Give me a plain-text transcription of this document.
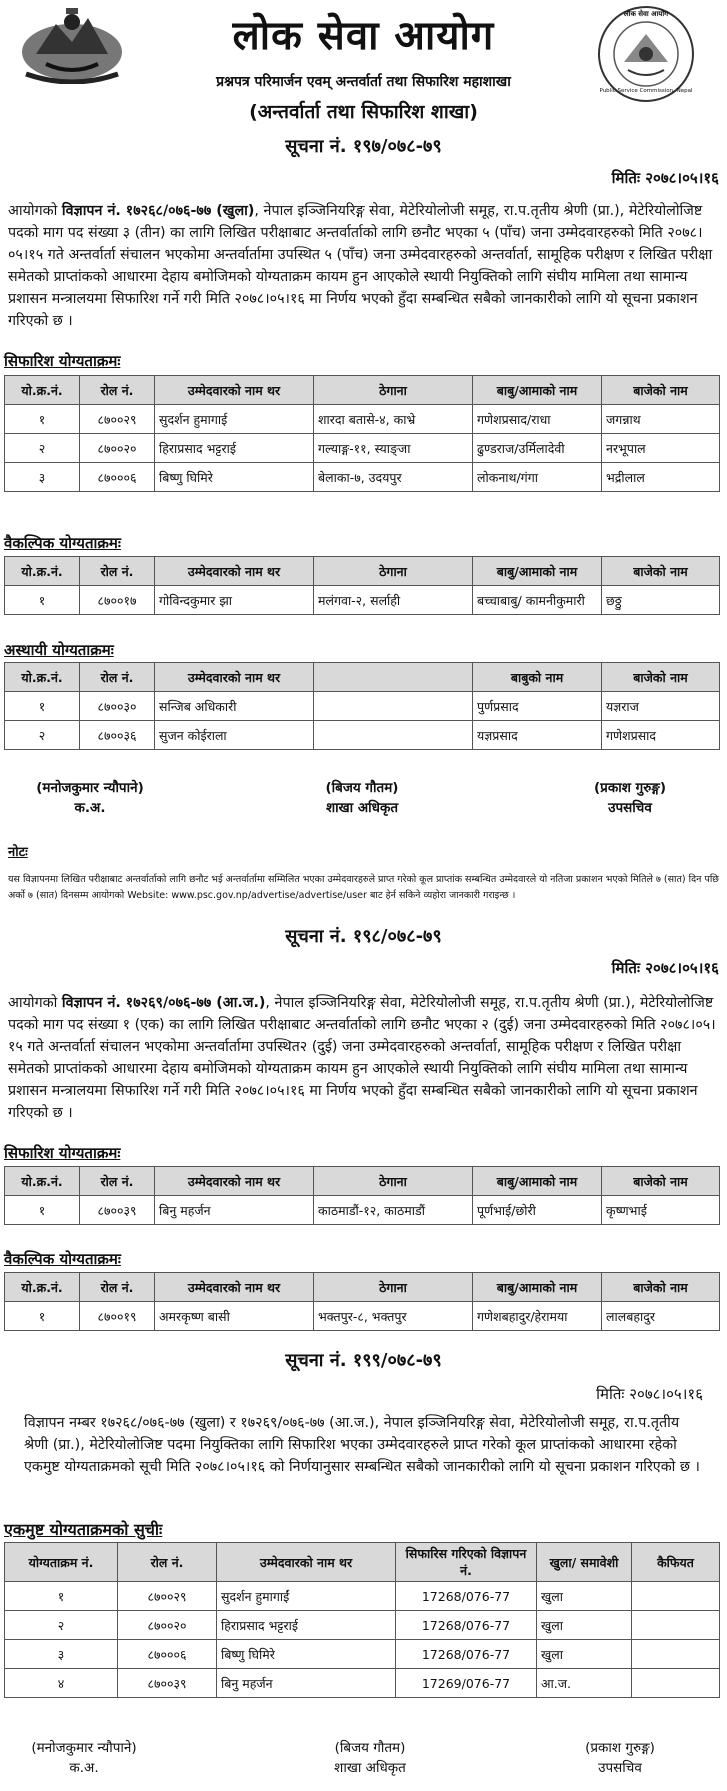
लोक सेवा आयोग
Public Service Commission, Nepal
लोक सेवा आयोग
प्रश्नपत्र परिमार्जन एवम् अन्तर्वार्ता तथा सिफारिश महाशाखा
(अन्तर्वार्ता तथा सिफारिश शाखा)
सूचना नं. १९७/०७८-७९
मितिः २०७८।०५।१६
आयोगको विज्ञापन नं. १७२६८/०७६-७७ (खुला), नेपाल इञ्जिनियरिङ्ग सेवा, मेटेरियोलोजी समूह, रा.प.तृतीय श्रेणी (प्रा.), मेटेरियोलोजिष्ट पदको माग पद संख्या ३ (तीन) का लागि लिखित परीक्षाबाट अन्तर्वार्ताको लागि छनौट भएका ५ (पाँच) जना उम्मेदवारहरुको मिति २०७८।०५।१५ गते अन्तर्वार्ता संचालन भएकोमा अन्तर्वार्तामा उपस्थित ५ (पाँच) जना उम्मेदवारहरुको अन्तर्वार्ता, सामूहिक परीक्षण र लिखित परीक्षा समेतको प्राप्तांकको आधारमा देहाय बमोजिमको योग्यताक्रम कायम हुन आएकोले स्थायी नियुक्तिको लागि संघीय मामिला तथा सामान्य प्रशासन मन्त्रालयमा सिफारिश गर्ने गरी मिति २०७८।०५।१६ मा निर्णय भएको हुँदा सम्बन्धित सबैको जानकारीको लागि यो सूचना प्रकाशन गरिएको छ ।
सिफारिश योग्यताक्रमः
यो.क्र.नं.	रोल नं.	उम्मेदवारको नाम थर	ठेगाना	बाबु/आमाको नाम	बाजेको नाम
१	८७००२९	सुदर्शन हुमागाई	शारदा बतासे-४, काभ्रे	गणेशप्रसाद/राधा	जगन्नाथ
२	८७००२०	हिराप्रसाद भट्टराई	गल्याङ्ग-११, स्याङ्जा	ढुण्डराज/उर्मिलादेवी	नरभूपाल
३	८७०००६	बिष्णु घिमिरे	बेलाका-७, उदयपुर	लोकनाथ/गंगा	भद्रीलाल
वैकल्पिक योग्यताक्रमः
यो.क्र.नं.	रोल नं.	उम्मेदवारको नाम थर	ठेगाना	बाबु/आमाको नाम	बाजेको नाम
१	८७००१७	गोविन्दकुमार झा	मलंगवा-२, सर्लाही	बच्चाबाबु/ कामनीकुमारी	छठ्ठु
अस्थायी योग्यताक्रमः
यो.क्र.नं.	रोल नं.	उम्मेदवारको नाम थर		बाबुको नाम	बाजेको नाम
१	८७००३०	सन्जिब अधिकारी		पुर्णप्रसाद	यज्ञराज
२	८७००३६	सुजन कोईराला		यज्ञप्रसाद	गणेशप्रसाद
(मनोजकुमार न्यौपाने)
क.अ.
(बिजय गौतम)
शाखा अधिकृत
(प्रकाश गुरुङ्ग)
उपसचिव
नोटः
यस विज्ञापनमा लिखित परीक्षाबाट अन्तर्वार्ताको लागि छनौट भई अन्तर्वार्तामा सम्मिलित भएका उम्मेदवारहरुले प्राप्त गरेको कूल प्राप्तांक सम्बन्धित उम्मेदवारले यो नतिजा प्रकाशन भएको मितिले ७ (सात) दिन पछि अर्को ७ (सात) दिनसम्म आयोगको Website: www.psc.gov.np/advertise/advertise/user बाट हेर्न सकिने व्यहोरा जानकारी गराइन्छ ।
सूचना नं. १९८/०७८-७९
मितिः २०७८।०५।१६
आयोगको विज्ञापन नं. १७२६९/०७६-७७ (आ.ज.), नेपाल इञ्जिनियरिङ्ग सेवा, मेटेरियोलोजी समूह, रा.प.तृतीय श्रेणी (प्रा.), मेटेरियोलोजिष्ट पदको माग पद संख्या १ (एक) का लागि लिखित परीक्षाबाट अन्तर्वार्ताको लागि छनौट भएका २ (दुई) जना उम्मेदवारहरुको मिति २०७८।०५।१५ गते अन्तर्वार्ता संचालन भएकोमा अन्तर्वार्तामा उपस्थित२ (दुई) जना उम्मेदवारहरुको अन्तर्वार्ता, सामूहिक परीक्षण र लिखित परीक्षा समेतको प्राप्तांकको आधारमा देहाय बमोजिमको योग्यताक्रम कायम हुन आएकोले स्थायी नियुक्तिको लागि संघीय मामिला तथा सामान्य प्रशासन मन्त्रालयमा सिफारिश गर्ने गरी मिति २०७८।०५।१६ मा निर्णय भएको हुँदा सम्बन्धित सबैको जानकारीको लागि यो सूचना प्रकाशन गरिएको छ ।
सिफारिश योग्यताक्रमः
यो.क्र.नं.	रोल नं.	उम्मेदवारको नाम थर	ठेगाना	बाबु/आमाको नाम	बाजेको नाम
१	८७००३९	बिनु महर्जन	काठमाडौं-१२, काठमाडौं	पूर्णभाई/छोरी	कृष्णभाई
वैकल्पिक योग्यताक्रमः
यो.क्र.नं.	रोल नं.	उम्मेदवारको नाम थर	ठेगाना	बाबु/आमाको नाम	बाजेको नाम
१	८७००१९	अमरकृष्ण बासी	भक्तपुर-८, भक्तपुर	गणेशबहादुर/हेरामया	लालबहादुर
सूचना नं. १९९/०७८-७९
मितिः २०७८।०५।१६
विज्ञापन नम्बर १७२६८/०७६-७७ (खुला) र १७२६९/०७६-७७ (आ.ज.), नेपाल इञ्जिनियरिङ्ग सेवा, मेटेरियोलोजी समूह, रा.प.तृतीय श्रेणी (प्रा.), मेटेरियोलोजिष्ट पदमा नियुक्तिका लागि सिफारिश भएका उम्मेदवारहरुले प्राप्त गरेको कूल प्राप्तांकको आधारमा रहेको एकमुष्ट योग्यताक्रमको सूची मिति २०७८।०५।१६ को निर्णयानुसार सम्बन्धित सबैको जानकारीको लागि यो सूचना प्रकाशन गरिएको छ ।
एकमुष्ट योग्यताक्रमको सुचीः
योग्यताक्रम नं.	रोल नं.	उम्मेदवारको नाम थर	सिफारिस गरिएको विज्ञापन नं.	खुला/ समावेशी	कैफियत
१	८७००२९	सुदर्शन हुमागाईं	17268/076-77	खुला	
२	८७००२०	हिराप्रसाद भट्टराई	17268/076-77	खुला	
३	८७०००६	बिष्णु घिमिरे	17268/076-77	खुला	
४	८७००३९	बिनु महर्जन	17269/076-77	आ.ज.	
(मनोजकुमार न्यौपाने)
क.अ.
(बिजय गौतम)
शाखा अधिकृत
(प्रकाश गुरुङ्ग)
उपसचिव
